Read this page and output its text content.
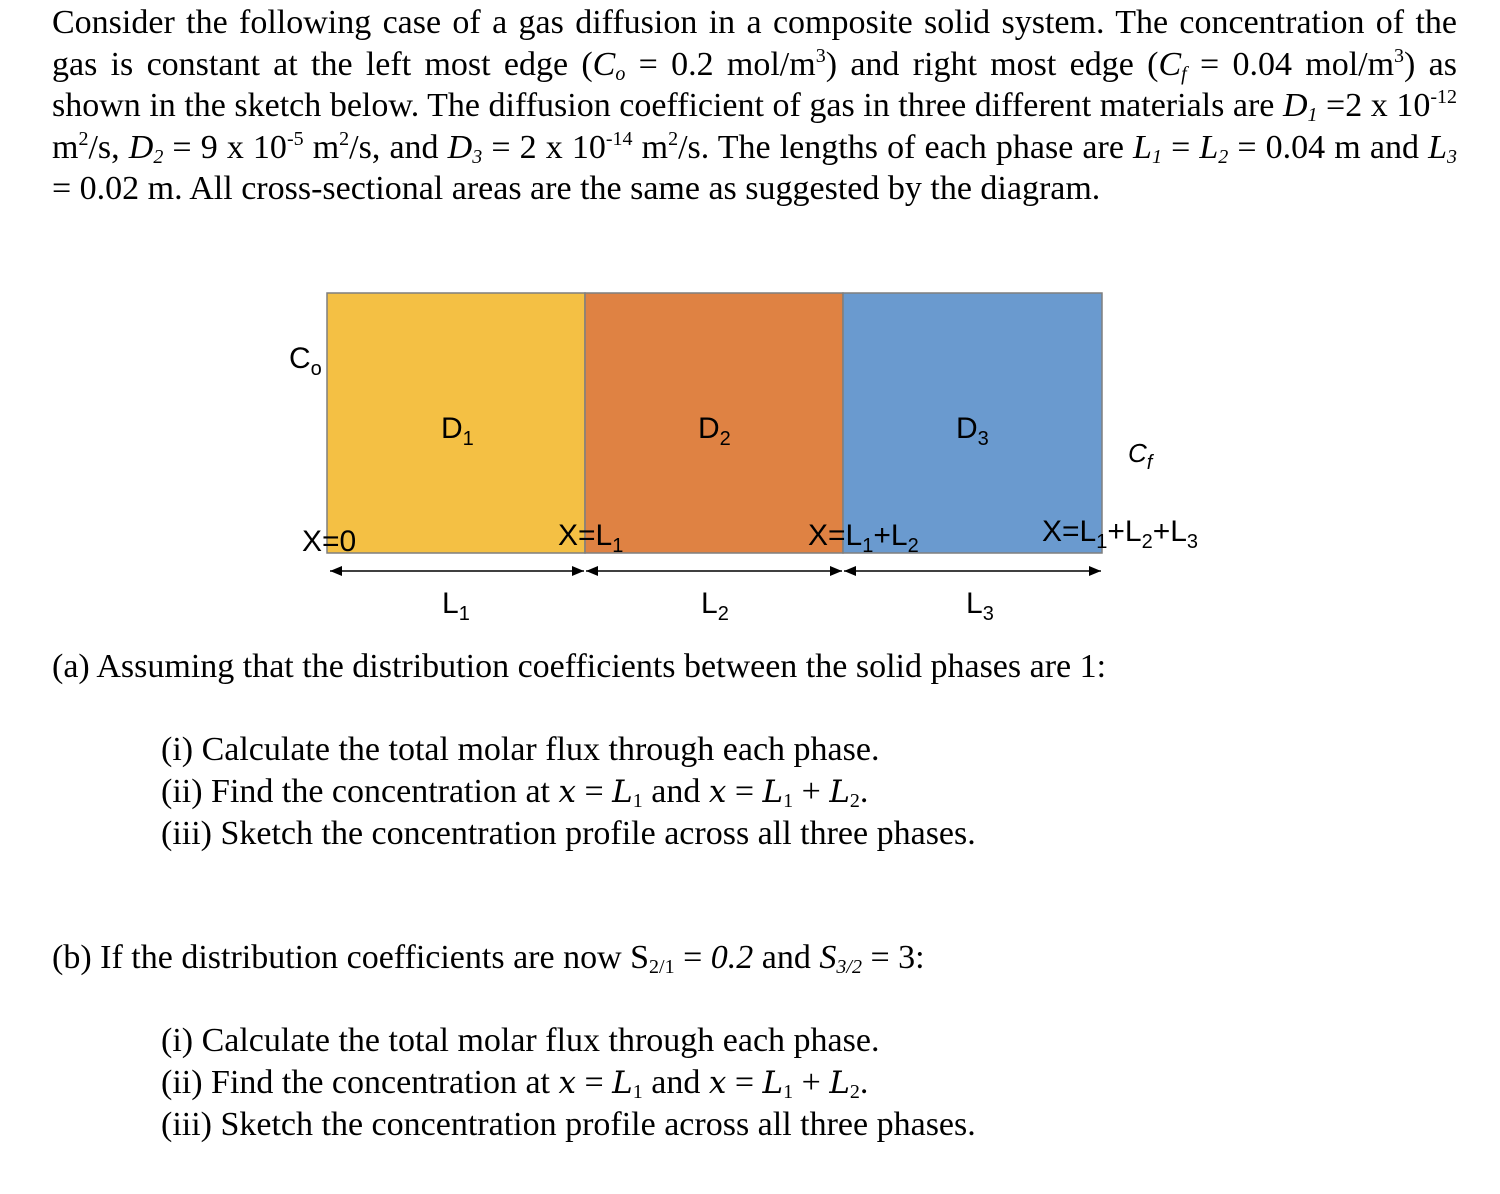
Consider the following case of a gas diffusion in a composite solid system. The concentration of the gas is constant at the left most edge ($C_o = 0.2$ mol/$m^3$) and right most edge ($C_f = 0.04$ mol/$m^3$) as shown in the sketch below. The diffusion coefficient of gas in three different materials are $D_1 =2$ x $10^{-12}$ $m^2/s$, $D_2 = 9$ x $10^{-5}$ $m^2/s$, and $D_3 = 2$ x $10^{-14}$ $m^2/s$. The lengths of each phase are $L_1 = L_2 = 0.04$ m and $L_3 = 0.02$ m. All cross-sectional areas are the same as suggested by the diagram.

$C_o$
$D_1$	$D_2$	$D_3$	$C_f$
X=0	$X=L_1$	$X=L_1+L_2$	$X=L_1+L_2+L_3$
$L_1$	$L_2$	$L_3$
(a) Assuming that the distribution coefficients between the solid phases are 1:
(i) Calculate the total molar flux through each phase.
(ii) Find the concentration at $x = L_1$ and $x = L_1 + L_2$.
(iii) Sketch the concentration profile across all three phases.
(b) If the distribution coefficients are now $S_{2/1} = 0.2$ and $S_{3/2} = 3$:
(i) Calculate the total molar flux through each phase.
(ii) Find the concentration at $x = L_1$ and $x = L_1 + L_2$.
(iii) Sketch the concentration profile across all three phases.
